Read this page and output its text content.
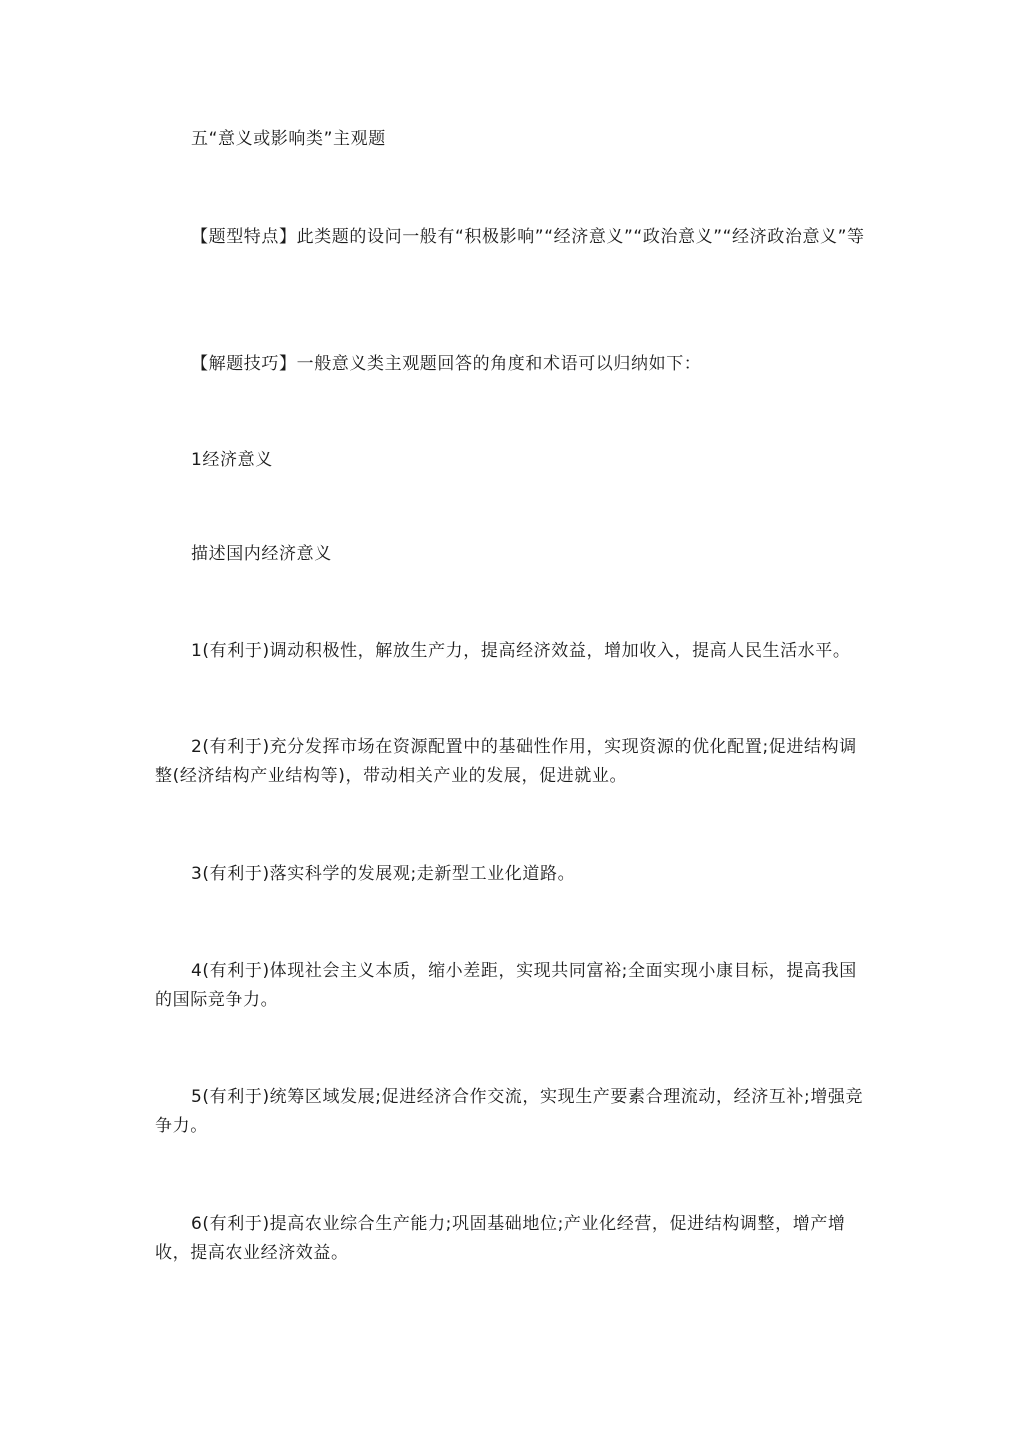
五“意义或影响类”主观题
【题型特点】此类题的设问一般有“积极影响”“经济意义”“政治意义”“经济政治意义”等
【解题技巧】一般意义类主观题回答的角度和术语可以归纳如下：
1经济意义
描述国内经济意义
1(有利于)调动积极性，解放生产力，提高经济效益，增加收入，提高人民生活水平。
2(有利于)充分发挥市场在资源配置中的基础性作用，实现资源的优化配置;促进结构调整(经济结构产业结构等)，带动相关产业的发展，促进就业。
3(有利于)落实科学的发展观;走新型工业化道路。
4(有利于)体现社会主义本质，缩小差距，实现共同富裕;全面实现小康目标，提高我国的国际竞争力。
5(有利于)统筹区域发展;促进经济合作交流，实现生产要素合理流动，经济互补;增强竞争力。
6(有利于)提高农业综合生产能力;巩固基础地位;产业化经营，促进结构调整，增产增收，提高农业经济效益。
